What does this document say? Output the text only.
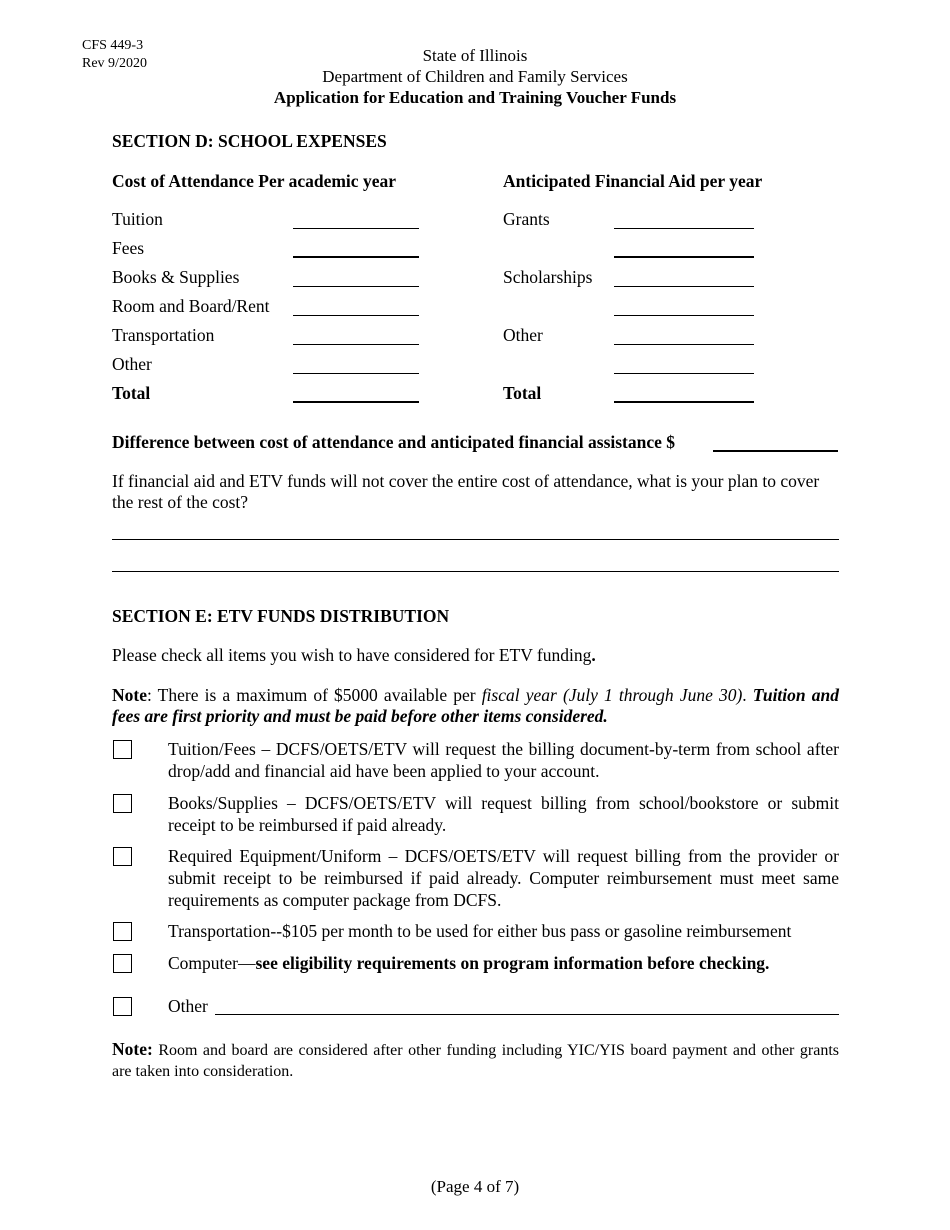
CFS 449-3
Rev 9/2020	State of Illinois
Department of Children and Family Services
Application for Education and Training Voucher Funds
SECTION D: SCHOOL EXPENSES
Cost of Attendance Per academic year	Anticipated Financial Aid per year
Tuition
Fees
Books & Supplies
Room and Board/Rent
Transportation
Other
Total
Grants
Scholarships
Other
Total
Difference between cost of attendance and anticipated financial assistance $
If financial aid and ETV funds will not cover the entire cost of attendance, what is your plan to cover the rest of the cost?
SECTION E: ETV FUNDS DISTRIBUTION
Please check all items you wish to have considered for ETV funding.
Note: There is a maximum of $5000 available per fiscal year (July 1 through June 30). Tuition and fees are first priority and must be paid before other items considered.
Tuition/Fees – DCFS/OETS/ETV will request the billing document-by-term from school after drop/add and financial aid have been applied to your account.
Books/Supplies – DCFS/OETS/ETV will request billing from school/bookstore or submit receipt to be reimbursed if paid already.
Required Equipment/Uniform – DCFS/OETS/ETV will request billing from the provider or submit receipt to be reimbursed if paid already. Computer reimbursement must meet same requirements as computer package from DCFS.
Transportation--$105 per month to be used for either bus pass or gasoline reimbursement
Computer—see eligibility requirements on program information before checking.
Other
Note: Room and board are considered after other funding including YIC/YIS board payment and other grants are taken into consideration.
(Page 4 of 7)
